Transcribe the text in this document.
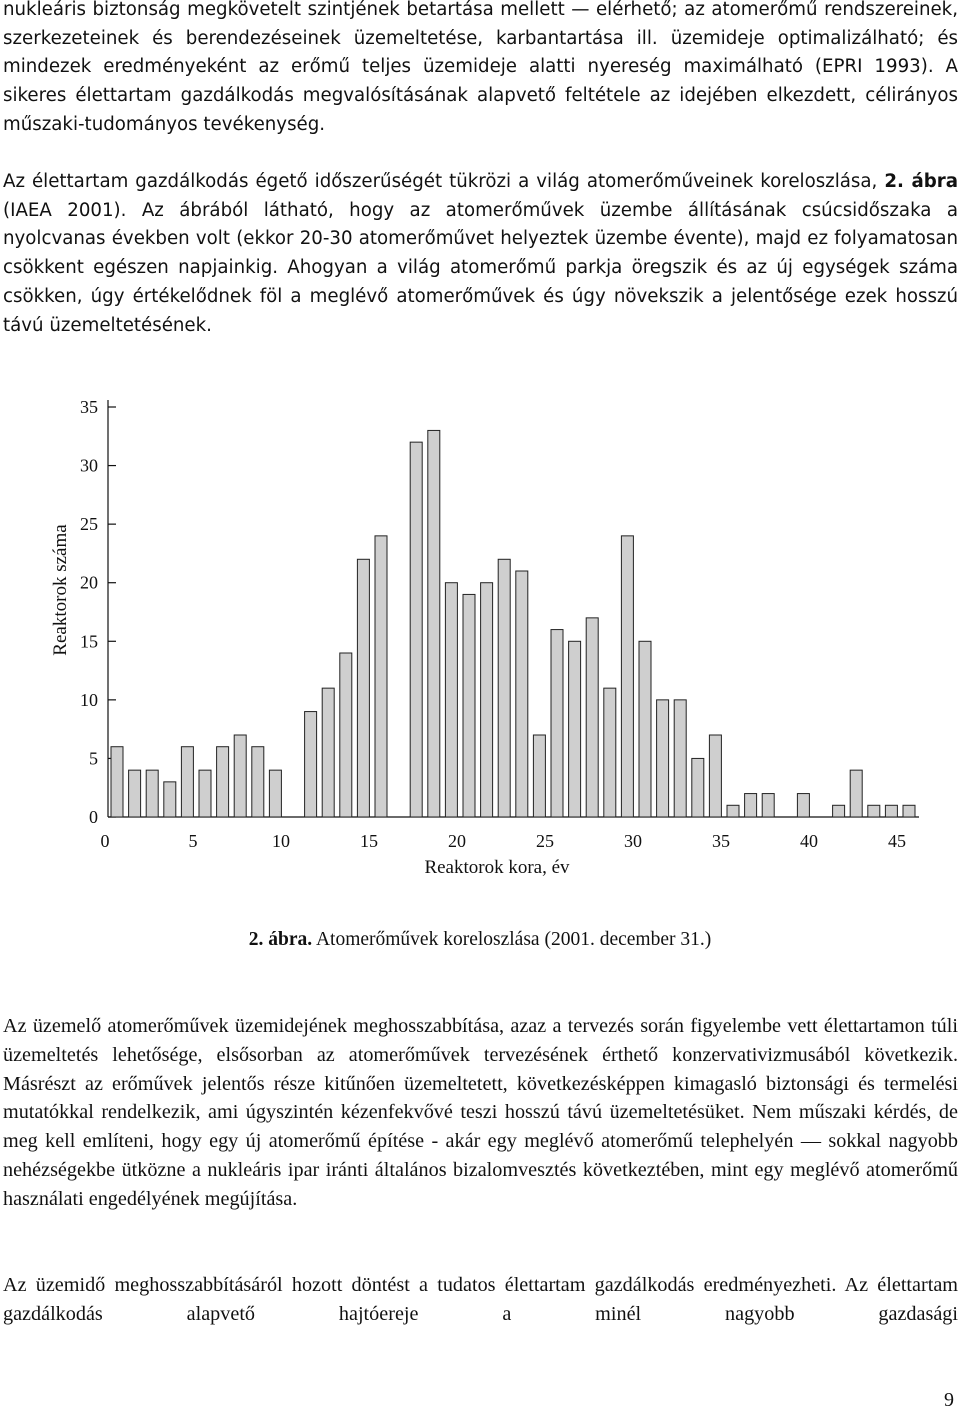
nukleáris biztonság megkövetelt szintjének betartása mellett — elérhető; az atomerőmű rendszereinek, szerkezeteinek és berendezéseinek üzemeltetése, karbantartása ill. üzemideje optimalizálható; és mindezek eredményeként az erőmű teljes üzemideje alatti nyereség maximálható (EPRI 1993). A sikeres élettartam gazdálkodás megvalósításának alapvető feltétele az idejében elkezdett, célirányos műszaki-tudományos tevékenység.

Az élettartam gazdálkodás égető időszerűségét tükrözi a világ atomerőműveinek koreloszlása, 2. ábra (IAEA 2001). Az ábrából látható, hogy az atomerőművek üzembe állításának csúcsidőszaka a nyolcvanas években volt (ekkor 20-30 atomerőművet helyeztek üzembe évente), majd ez folyamatosan csökkent egészen napjainkig. Ahogyan a világ atomerőmű parkja öregszik és az új egységek száma csökken, úgy értékelődnek föl a meglévő atomerőművek és úgy növekszik a jelentősége ezek hosszú távú üzemeltetésének.

0
5
10
15
20
25
30
35
0	5	10	15	20	25	30	35	40	45
Reaktorok száma
Reaktorok kora, év
2. ábra. Atomerőművek koreloszlása (2001. december 31.)

Az üzemelő atomerőművek üzemidejének meghosszabbítása, azaz a tervezés során figyelembe vett élettartamon túli üzemeltetés lehetősége, elsősorban az atomerőművek tervezésének érthető konzervativizmusából következik. Másrészt az erőművek jelentős része kitűnően üzemeltetett, következésképpen kimagasló biztonsági és termelési mutatókkal rendelkezik, ami úgyszintén kézenfekvővé teszi hosszú távú üzemeltetésüket. Nem műszaki kérdés, de meg kell említeni, hogy egy új atomerőmű építése - akár egy meglévő atomerőmű telephelyén — sokkal nagyobb nehézségekbe ütközne a nukleáris ipar iránti általános bizalomvesztés következtében, mint egy meglévő atomerőmű használati engedélyének megújítása.

Az üzemidő meghosszabbításáról hozott döntést a tudatos élettartam gazdálkodás eredményezheti. Az élettartam gazdálkodás alapvető hajtóereje a minél nagyobb gazdasági

9
